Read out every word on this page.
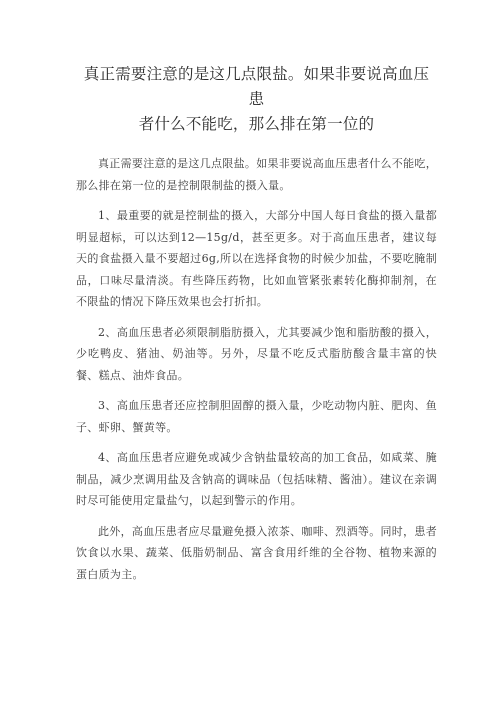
真正需要注意的是这几点限盐。如果非要说高血压患
者什么不能吃，那么排在第一位的

真正需要注意的是这几点限盐。如果非要说高血压患者什么不能吃，那么排在第一位的是控制限制盐的摄入量。

1、最重要的就是控制盐的摄入，大部分中国人每日食盐的摄入量都明显超标，可以达到12—15g/d，甚至更多。对于高血压患者，建议每天的食盐摄入量不要超过6g,所以在选择食物的时候少加盐，不要吃腌制品，口味尽量清淡。有些降压药物，比如血管紧张素转化酶抑制剂，在不限盐的情况下降压效果也会打折扣。

2、高血压患者必须限制脂肪摄入，尤其要减少饱和脂肪酸的摄入，少吃鸭皮、猪油、奶油等。另外，尽量不吃反式脂肪酸含量丰富的快餐、糕点、油炸食品。

3、高血压患者还应控制胆固醇的摄入量，少吃动物内脏、肥肉、鱼子、虾卵、蟹黄等。

4、高血压患者应避免或减少含钠盐量较高的加工食品，如咸菜、腌制品，减少烹调用盐及含钠高的调味品（包括味精、酱油）。建议在亲调时尽可能使用定量盐勺，以起到警示的作用。

此外，高血压患者应尽量避免摄入浓茶、咖啡、烈酒等。同时，患者饮食以水果、蔬菜、低脂奶制品、富含食用纤维的全谷物、植物来源的蛋白质为主。
